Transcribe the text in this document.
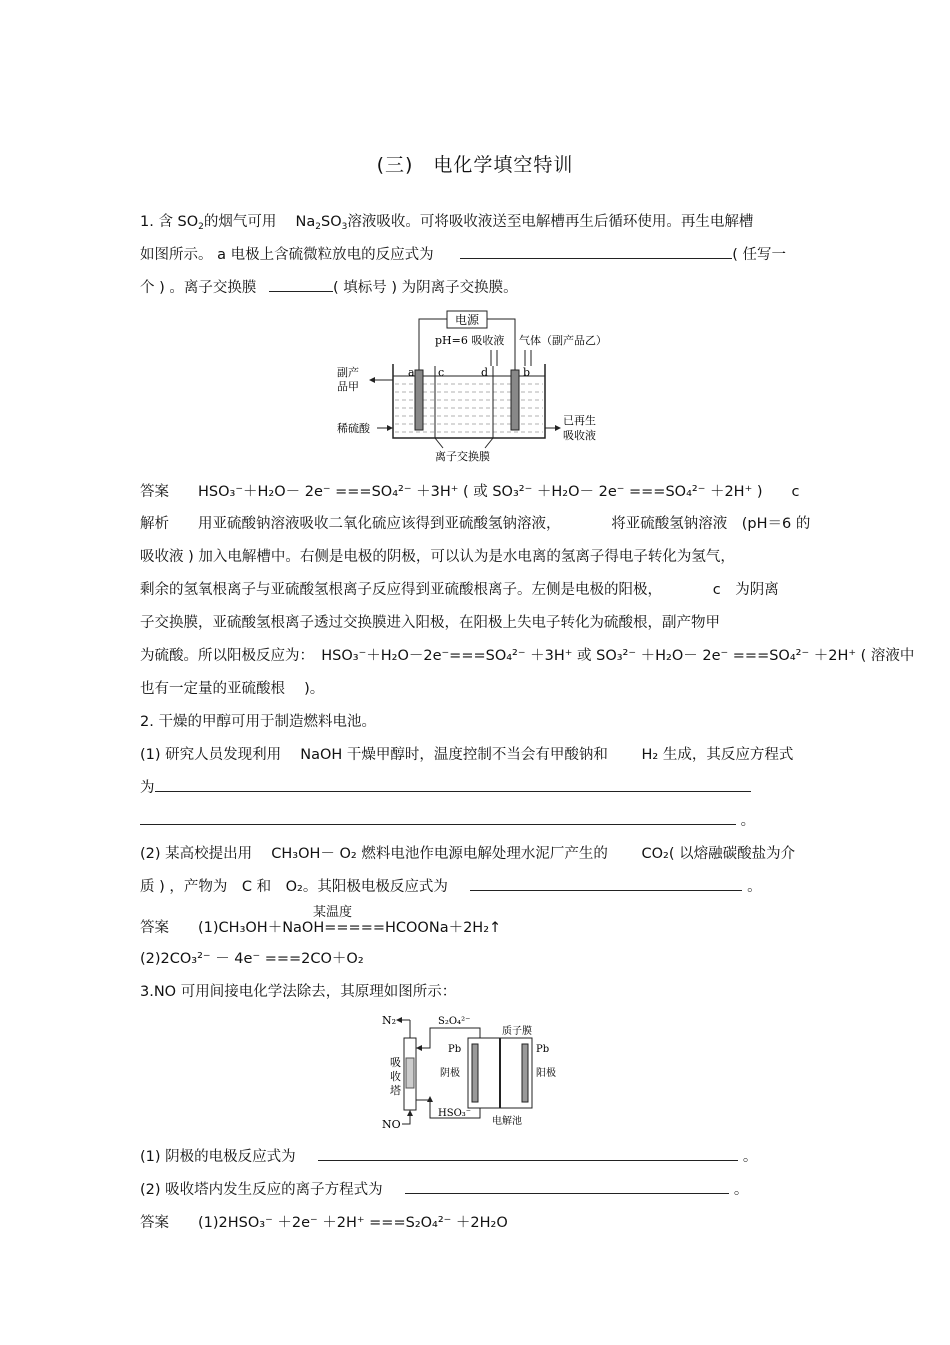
(三)　电化学填空特训
1. 含 $SO_2$的烟气可用　 $Na_2SO_3$溶液吸收。可将吸收液送至电解槽再生后循环使用。再生电解槽
如图所示。 a 电极上含硫微粒放电的反应式为	( 任写一
个 ) 。离子交换膜	( 填标号 ) 为阴离子交换膜。
电源
pH=6 吸收液 气体（副产品乙）
a c	d	b
副产
品甲
稀硫酸
已再生
吸收液
离子交换膜
答案　　 HSO₃⁻＋H₂O－ 2e⁻ ===SO₄²⁻ ＋3H⁺ ( 或 SO₃²⁻ ＋H₂O－ 2e⁻ ===SO₄²⁻ ＋2H⁺ )　　c
解析　　 用亚硫酸钠溶液吸收二氧化硫应该得到亚硫酸氢钠溶液，　　　　将亚硫酸氢钠溶液　(pH＝6 的
吸收液 ) 加入电解槽中。右侧是电极的阴极，可以认为是水电离的氢离子得电子转化为氢气，
剩余的氢氧根离子与亚硫酸氢根离子反应得到亚硫酸根离子。左侧是电极的阳极，　　　　c　为阴离
子交换膜，亚硫酸氢根离子透过交换膜进入阳极，在阳极上失电子转化为硫酸根，副产物甲
为硫酸。所以阳极反应为：　HSO₃⁻＋H₂O－2e⁻===SO₄²⁻ ＋3H⁺ 或 SO₃²⁻ ＋H₂O－ 2e⁻ ===SO₄²⁻ ＋2H⁺ ( 溶液中
也有一定量的亚硫酸根　 )。
2. 干燥的甲醇可用于制造燃料电池。
(1) 研究人员发现利用　 NaOH 干燥甲醇时，温度控制不当会有甲酸钠和　　 H₂ 生成，其反应方程式
为
。
(2) 某高校提出用　 CH₃OH－ O₂ 燃料电池作电源电解处理水泥厂产生的　　 CO₂( 以熔融碳酸盐为介
质 ) ，产物为　C 和　O₂。其阳极电极反应式为	。
答案　　
某温度
(1)CH₃OH＋NaOH=====HCOONa＋2H₂↑
(2)2CO₃²⁻ － 4e⁻ ===2CO＋O₂
3.NO 可用间接电化学法除去，其原理如图所示：
N₂
吸
收
塔
S₂O₄²⁻
HSO₃⁻
NO
质子膜
Pb	Pb
阴极	阳极
电解池
(1) 阴极的电极反应式为	。
(2) 吸收塔内发生反应的离子方程式为	。
答案　　 (1)2HSO₃⁻ ＋2e⁻ ＋2H⁺ ===S₂O₄²⁻ ＋2H₂O
